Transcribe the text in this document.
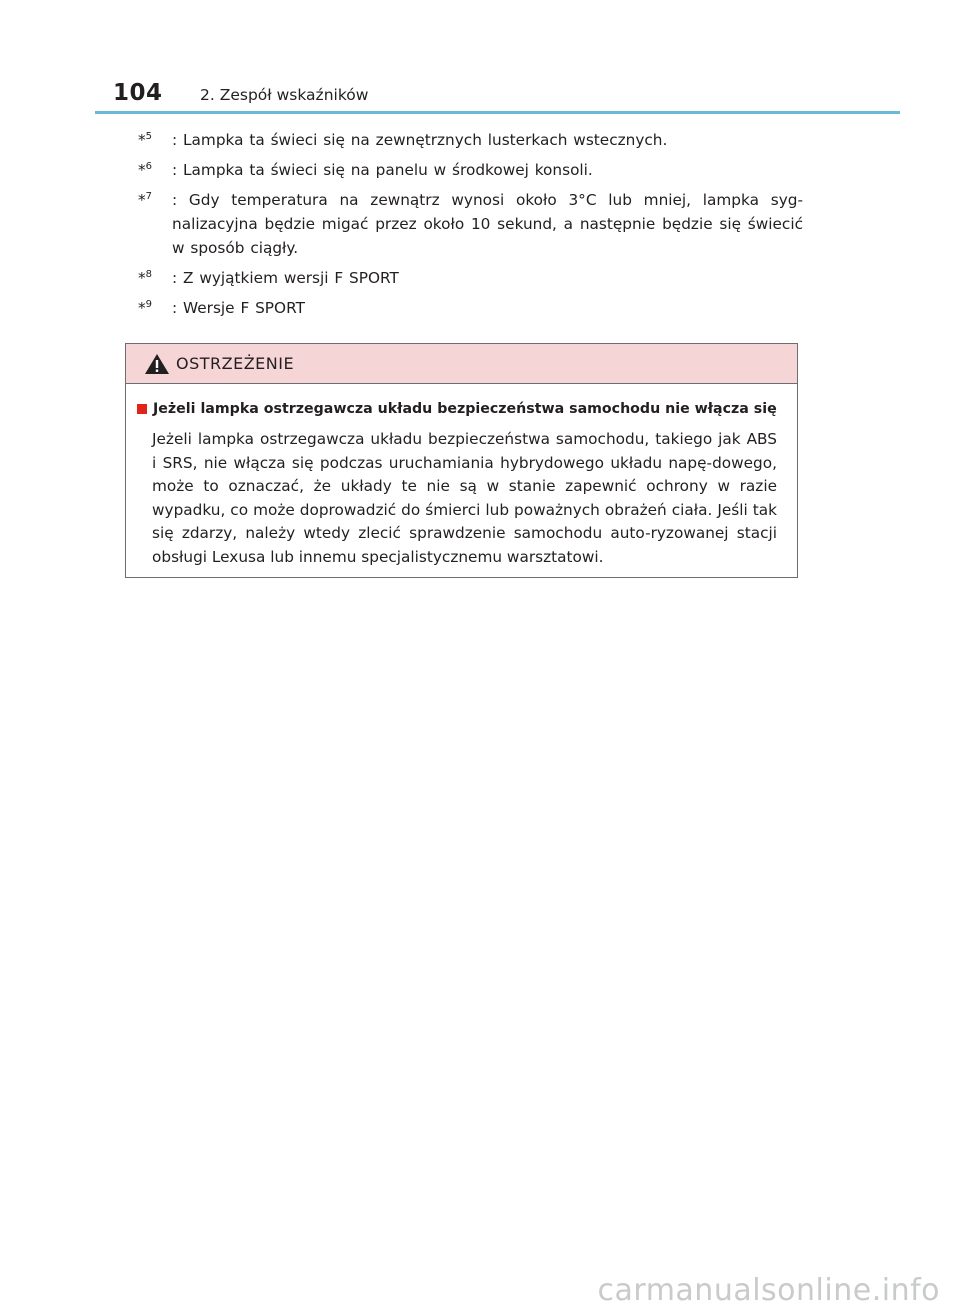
104 2. Zespół wskaźników
*$^5$	: Lampka ta świeci się na zewnętrznych lusterkach wstecznych.
*$^6$	: Lampka ta świeci się na panelu w środkowej konsoli.
*$^7$	: Gdy temperatura na zewnątrz wynosi około 3°C lub mniej, lampka syg-nalizacyjna będzie migać przez około 10 sekund, a następnie będzie się świecić w sposób ciągły.
*$^8$	: Z wyjątkiem wersji F SPORT
*$^9$	: Wersje F SPORT
OSTRZEŻENIE
Jeżeli lampka ostrzegawcza układu bezpieczeństwa samochodu nie włącza się

Jeżeli lampka ostrzegawcza układu bezpieczeństwa samochodu, takiego jak ABS i SRS, nie włącza się podczas uruchamiania hybrydowego układu napę-dowego, może to oznaczać, że układy te nie są w stanie zapewnić ochrony w razie wypadku, co może doprowadzić do śmierci lub poważnych obrażeń ciała. Jeśli tak się zdarzy, należy wtedy zlecić sprawdzenie samochodu auto-ryzowanej stacji obsługi Lexusa lub innemu specjalistycznemu warsztatowi.

carmanualsonline.info
